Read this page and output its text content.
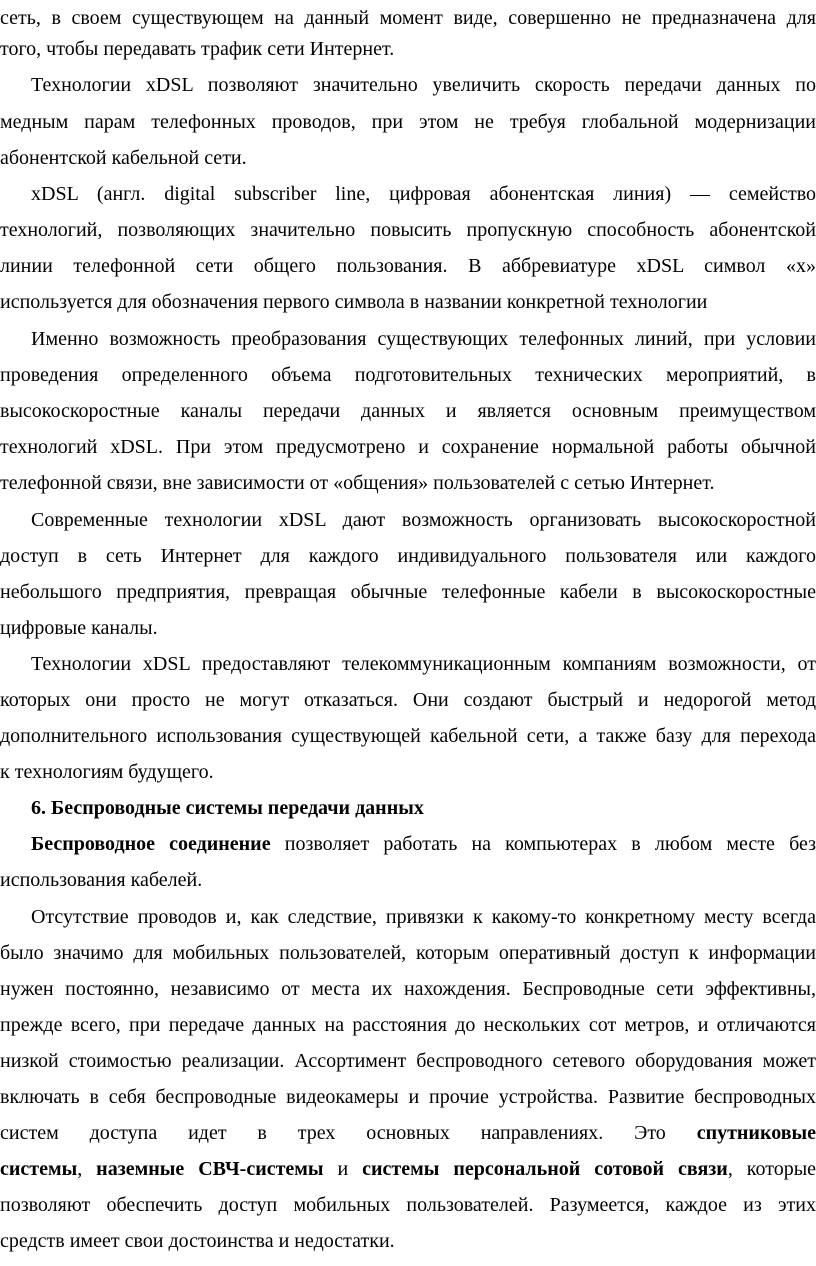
сеть, в своем существующем на данный момент виде, совершенно не предназначена для
того, чтобы передавать трафик сети Интернет.
Технологии xDSL позволяют значительно увеличить скорость передачи данных по
медным парам телефонных проводов, при этом не требуя глобальной модернизации
абонентской кабельной сети.
xDSL (англ. digital subscriber line, цифровая абонентская линия) — семейство
технологий, позволяющих значительно повысить пропускную способность абонентской
линии телефонной сети общего пользования. В аббревиатуре xDSL символ «x»
используется для обозначения первого символа в названии конкретной технологии
Именно возможность преобразования существующих телефонных линий, при условии
проведения определенного объема подготовительных технических мероприятий, в
высокоскоростные каналы передачи данных и является основным преимуществом
технологий xDSL. При этом предусмотрено и сохранение нормальной работы обычной
телефонной связи, вне зависимости от «общения» пользователей с сетью Интернет.
Современные технологии xDSL дают возможность организовать высокоскоростной
доступ в сеть Интернет для каждого индивидуального пользователя или каждого
небольшого предприятия, превращая обычные телефонные кабели в высокоскоростные
цифровые каналы.
Технологии xDSL предоставляют телекоммуникационным компаниям возможности, от
которых они просто не могут отказаться. Они создают быстрый и недорогой метод
дополнительного использования существующей кабельной сети, а также базу для перехода
к технологиям будущего.
6. Беспроводные системы передачи данных
Беспроводное соединение позволяет работать на компьютерах в любом месте без
использования кабелей.
Отсутствие проводов и, как следствие, привязки к какому-то конкретному месту всегда
было значимо для мобильных пользователей, которым оперативный доступ к информации
нужен постоянно, независимо от места их нахождения. Беспроводные сети эффективны,
прежде всего, при передаче данных на расстояния до нескольких сот метров, и отличаются
низкой стоимостью реализации. Ассортимент беспроводного сетевого оборудования может
включать в себя беспроводные видеокамеры и прочие устройства. Развитие беспроводных
систем доступа идет в трех основных направлениях. Это спутниковые
системы, наземные СВЧ-системы и системы персональной сотовой связи, которые
позволяют обеспечить доступ мобильных пользователей. Разумеется, каждое из этих
средств имеет свои достоинства и недостатки.
